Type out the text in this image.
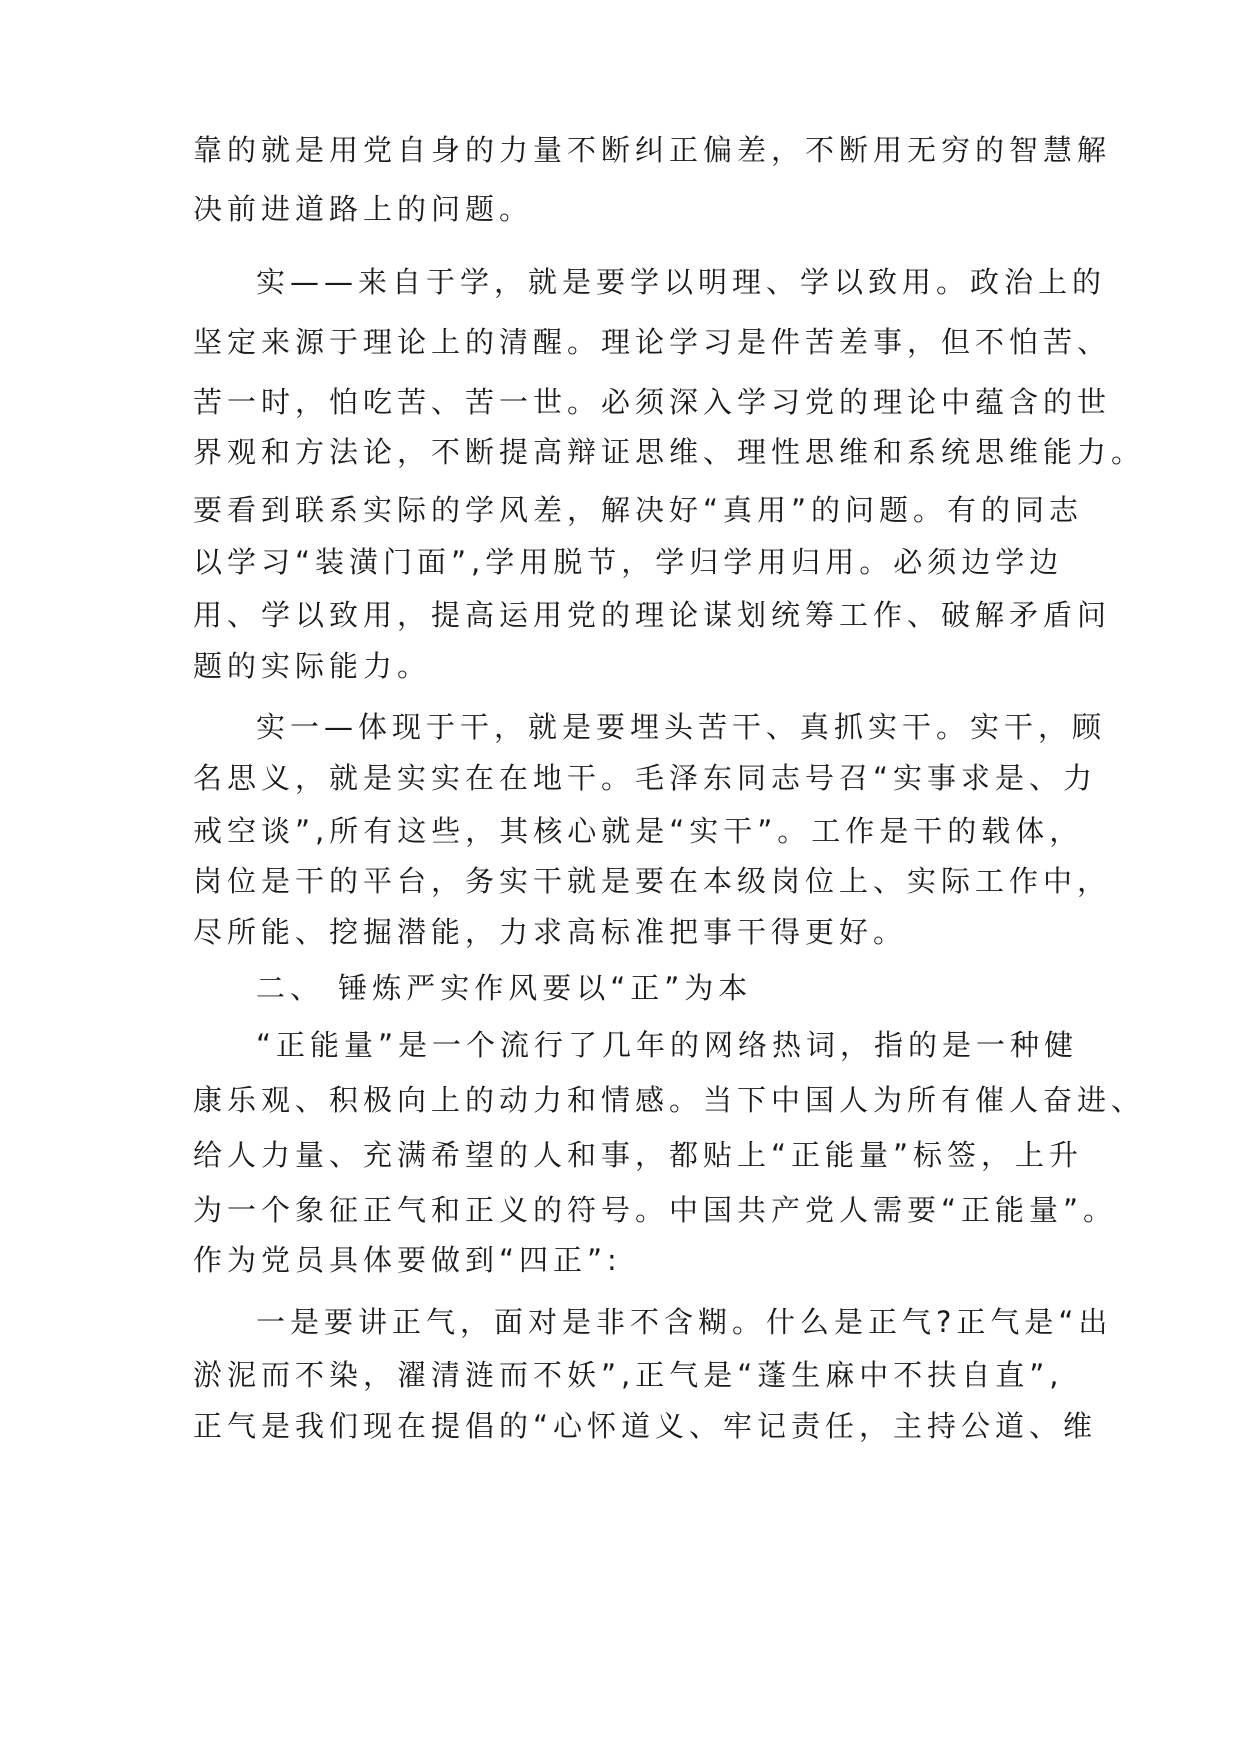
靠的就是用党自身的力量不断纠正偏差，不断用无穷的智慧解
决前进道路上的问题。
实——来自于学，就是要学以明理、学以致用。政治上的
坚定来源于理论上的清醒。理论学习是件苦差事，但不怕苦、
苦一时，怕吃苦、苦一世。必须深入学习党的理论中蕴含的世
界观和方法论，不断提高辩证思维、理性思维和系统思维能力。
要看到联系实际的学风差，解决好“真用”的问题。有的同志
以学习“装潢门面”,学用脱节，学归学用归用。必须边学边
用、学以致用，提高运用党的理论谋划统筹工作、破解矛盾问
题的实际能力。
实一—体现于干，就是要埋头苦干、真抓实干。实干，顾
名思义，就是实实在在地干。毛泽东同志号召“实事求是、力
戒空谈”,所有这些，其核心就是“实干”。工作是干的载体，
岗位是干的平台，务实干就是要在本级岗位上、实际工作中，
尽所能、挖掘潜能，力求高标准把事干得更好。
二、 锤炼严实作风要以“正”为本
“正能量”是一个流行了几年的网络热词，指的是一种健
康乐观、积极向上的动力和情感。当下中国人为所有催人奋进、
给人力量、充满希望的人和事，都贴上“正能量”标签，上升
为一个象征正气和正义的符号。中国共产党人需要“正能量”。
作为党员具体要做到“四正”:
一是要讲正气，面对是非不含糊。什么是正气?正气是“出
淤泥而不染，濯清涟而不妖”,正气是“蓬生麻中不扶自直”,
正气是我们现在提倡的“心怀道义、牢记责任，主持公道、维
